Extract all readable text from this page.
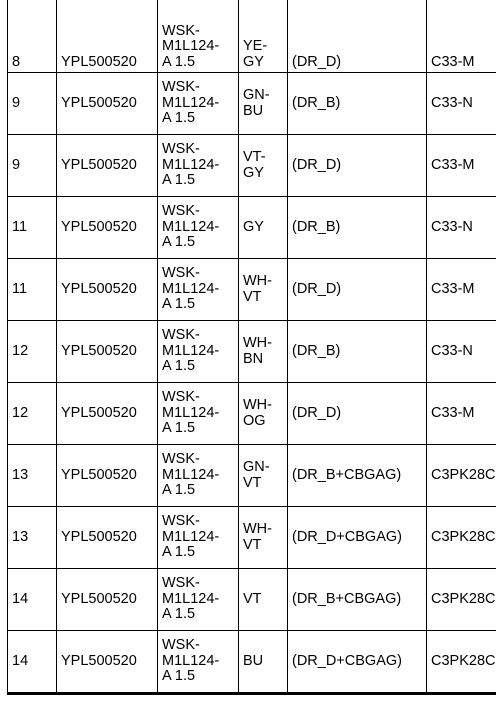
8	YPL500520	WSK-
M1L124-
A 1.5	YE-
GY	(DR_D)	C33-M
9	YPL500520	WSK-
M1L124-
A 1.5	GN-
BU	(DR_B)	C33-N
9	YPL500520	WSK-
M1L124-
A 1.5	VT-
GY	(DR_D)	C33-M
11	YPL500520	WSK-
M1L124-
A 1.5	GY	(DR_B)	C33-N
11	YPL500520	WSK-
M1L124-
A 1.5	WH-
VT	(DR_D)	C33-M
12	YPL500520	WSK-
M1L124-
A 1.5	WH-
BN	(DR_B)	C33-N
12	YPL500520	WSK-
M1L124-
A 1.5	WH-
OG	(DR_D)	C33-M
13	YPL500520	WSK-
M1L124-
A 1.5	GN-
VT	(DR_B+CBGAG)	C3PK28C
13	YPL500520	WSK-
M1L124-
A 1.5	WH-
VT	(DR_D+CBGAG)	C3PK28C
14	YPL500520	WSK-
M1L124-
A 1.5	VT	(DR_B+CBGAG)	C3PK28C
14	YPL500520	WSK-
M1L124-
A 1.5	BU	(DR_D+CBGAG)	C3PK28C
